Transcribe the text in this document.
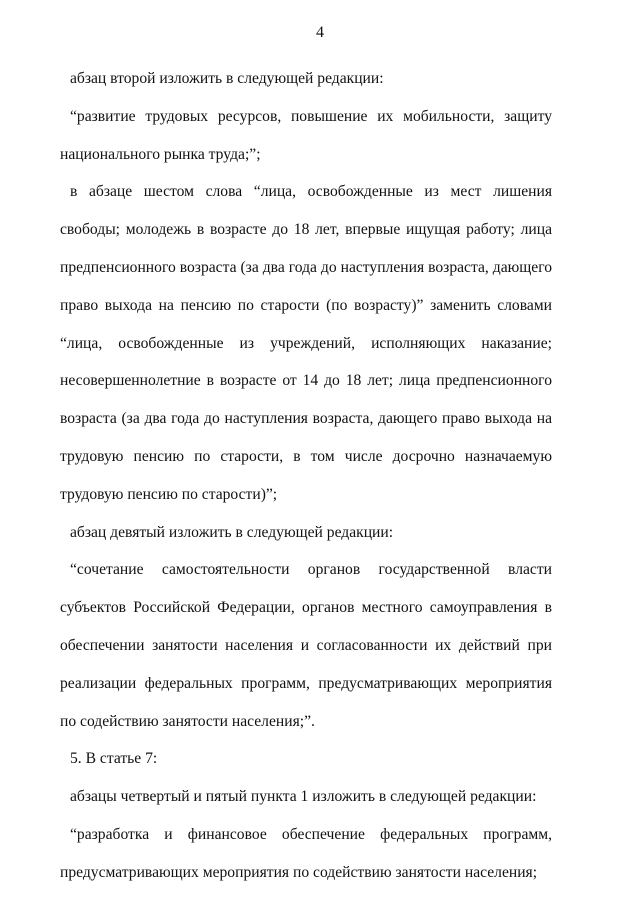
4

абзац второй изложить в следующей редакции:

“развитие трудовых ресурсов, повышение их мобильности, защиту национального рынка труда;”;

в абзаце шестом слова “лица, освобожденные из мест лишения свободы; молодежь в возрасте до 18 лет, впервые ищущая работу; лица предпенсионного возраста (за два года до наступления возраста, дающего право выхода на пенсию по старости (по возрасту)” заменить словами “лица, освобожденные из учреждений, исполняющих наказание; несовершеннолетние в возрасте от 14 до 18 лет; лица предпенсионного возраста (за два года до наступления возраста, дающего право выхода на трудовую пенсию по старости, в том числе досрочно назначаемую трудовую пенсию по старости)”;

абзац девятый изложить в следующей редакции:

“сочетание самостоятельности органов государственной власти субъектов Российской Федерации, органов местного самоуправления в обеспечении занятости населения и согласованности их действий при реализации федеральных программ, предусматривающих мероприятия по содействию занятости населения;”.

5. В статье 7:

абзацы четвертый и пятый пункта 1 изложить в следующей редакции:

“разработка и финансовое обеспечение федеральных программ, предусматривающих мероприятия по содействию занятости населения;
